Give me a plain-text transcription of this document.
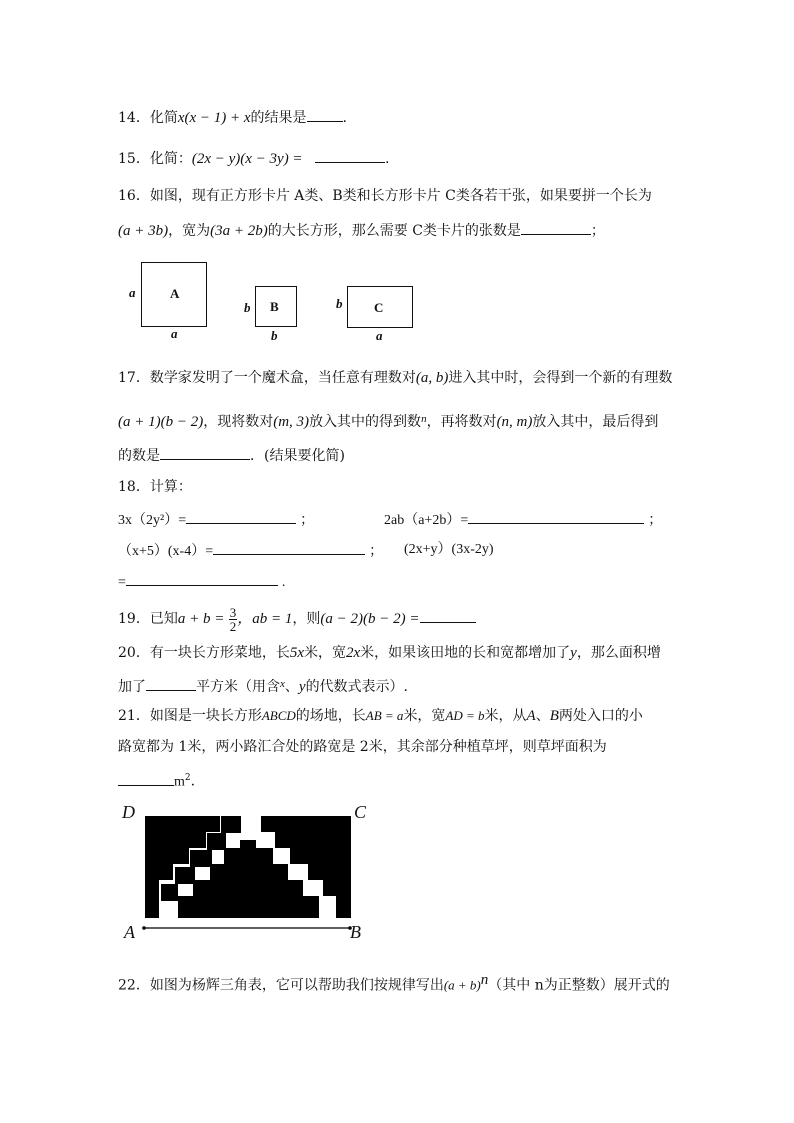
14．化简x(x − 1) + x的结果是	.
15．化简：(2x − y)(x − 3y) =	.
16．如图，现有正方形卡片 A类、B类和长方形卡片 C类各若干张，如果要拼一个长为
(a + 3b)，宽为(3a + 2b)的大长方形，那么需要 C类卡片的张数是	；
A
a
a
B
b
b
C
b
a
17．数学家发明了一个魔术盒，当任意有理数对(a, b)进入其中时，会得到一个新的有理数
(a + 1)(b − 2)，现将数对(m, 3)放入其中的得到数$^n$，再将数对(n, m)放入其中，最后得到
的数是	．(结果要化简)
18．计算：
3x（2y²）=	；	2ab（a+2b）=	；
（x+5）(x-4）=	； (2x+y）(3x-2y)
=	.
19．已知$a + b = \frac{3}{2}$ ，ab = 1，则(a − 2)(b − 2) =
20．有一块长方形菜地，长5x米，宽2x米，如果该田地的长和宽都增加了y，那么面积增
加了	平方米（用含$^x$、y的代数式表示）.
21．如图是一块长方形ABCD的场地，长AB = a米，宽AD = b米，从A、B两处入口的小
路宽都为 1米，两小路汇合处的路宽是 2米，其余部分种植草坪，则草坪面积为
$m^2$.
D	C
A	B
22．如图为杨辉三角表，它可以帮助我们按规律写出$(a + b)^n$（其中 n为正整数）展开式的
